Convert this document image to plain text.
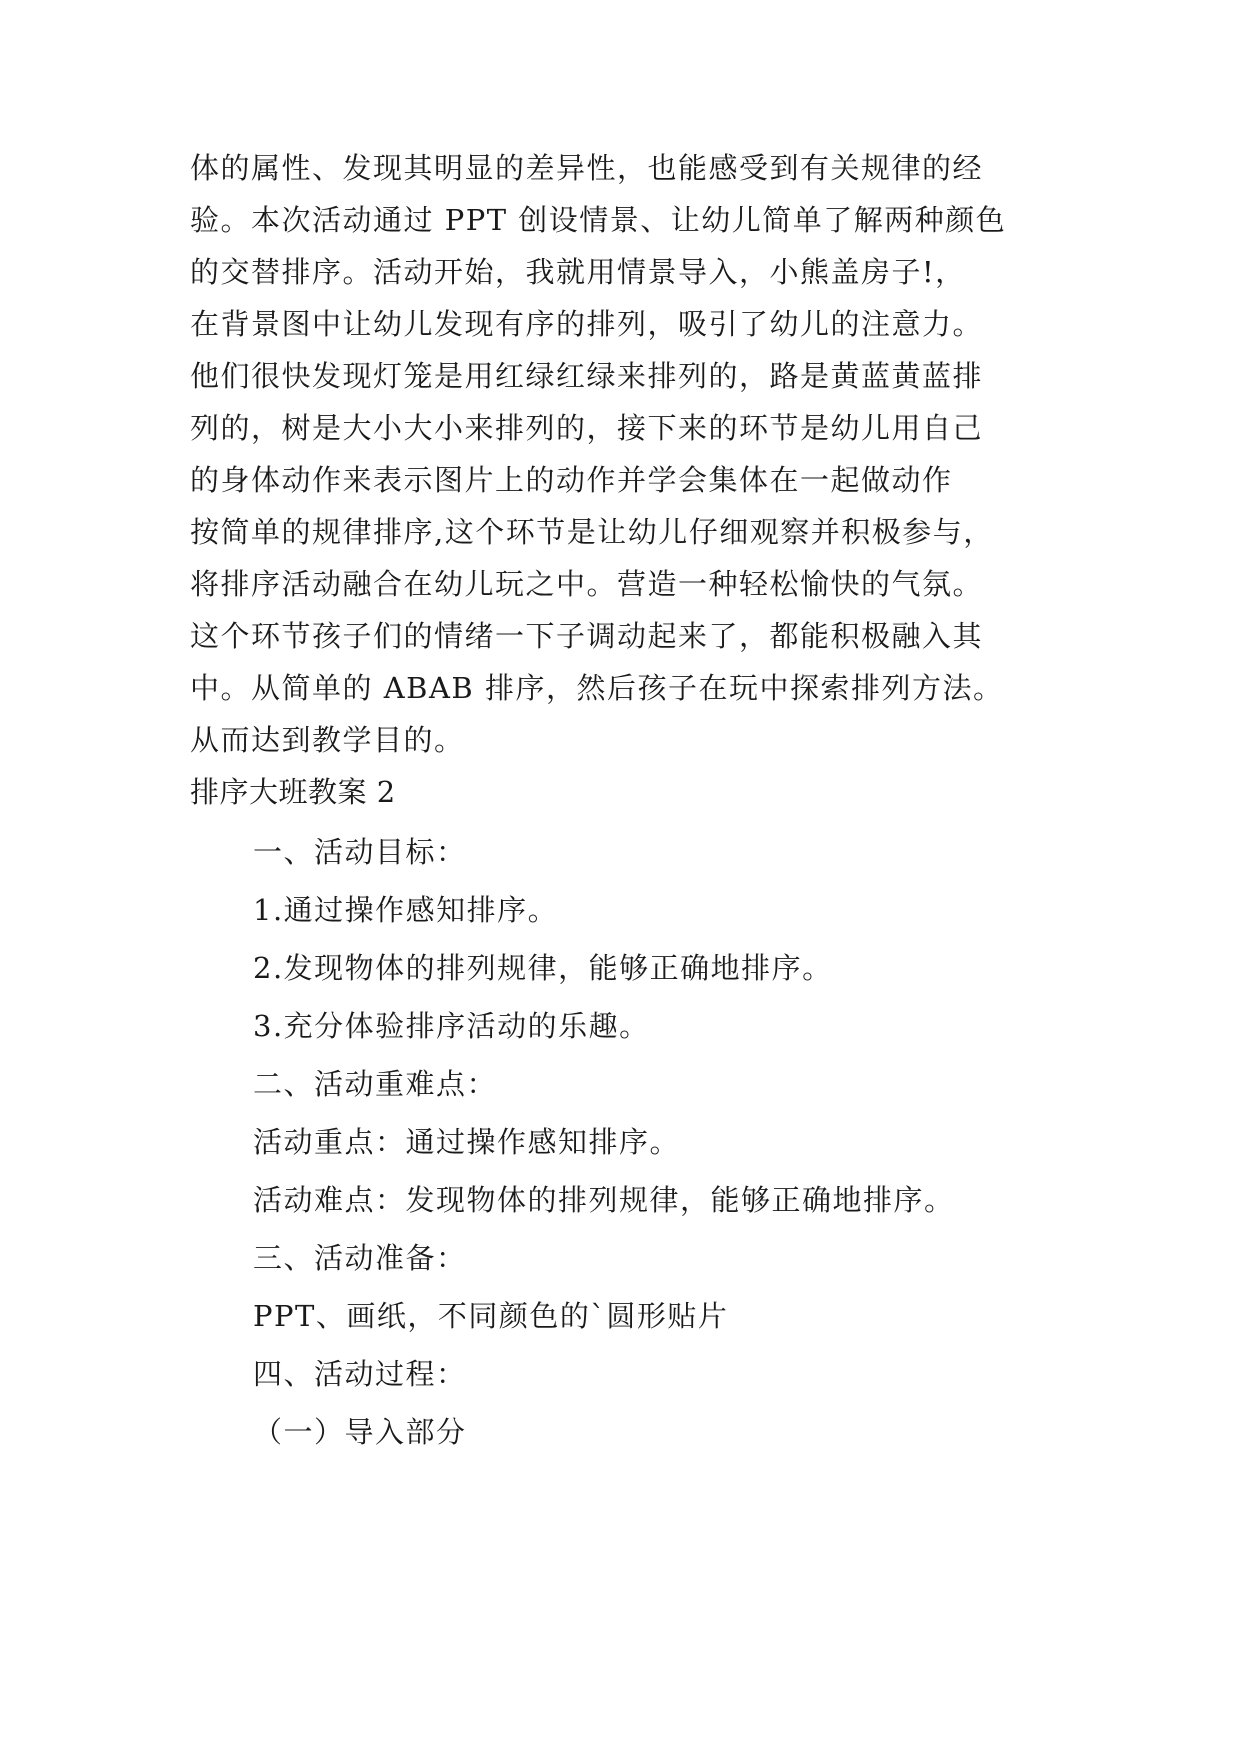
体的属性、发现其明显的差异性，也能感受到有关规律的经
验。本次活动通过 PPT 创设情景、让幼儿简单了解两种颜色
的交替排序。活动开始，我就用情景导入，小熊盖房子!，
在背景图中让幼儿发现有序的排列，吸引了幼儿的注意力。
他们很快发现灯笼是用红绿红绿来排列的，路是黄蓝黄蓝排
列的，树是大小大小来排列的，接下来的环节是幼儿用自己
的身体动作来表示图片上的动作并学会集体在一起做动作
按简单的规律排序,这个环节是让幼儿仔细观察并积极参与，
将排序活动融合在幼儿玩之中。营造一种轻松愉快的气氛。
这个环节孩子们的情绪一下子调动起来了，都能积极融入其
中。从简单的 ABAB 排序，然后孩子在玩中探索排列方法。
从而达到教学目的。
排序大班教案 2
一、活动目标：
1.通过操作感知排序。
2.发现物体的排列规律，能够正确地排序。
3.充分体验排序活动的乐趣。
二、活动重难点：
活动重点：通过操作感知排序。
活动难点：发现物体的排列规律，能够正确地排序。
三、活动准备：
PPT、画纸，不同颜色的`圆形贴片
四、活动过程：
（一）导入部分
